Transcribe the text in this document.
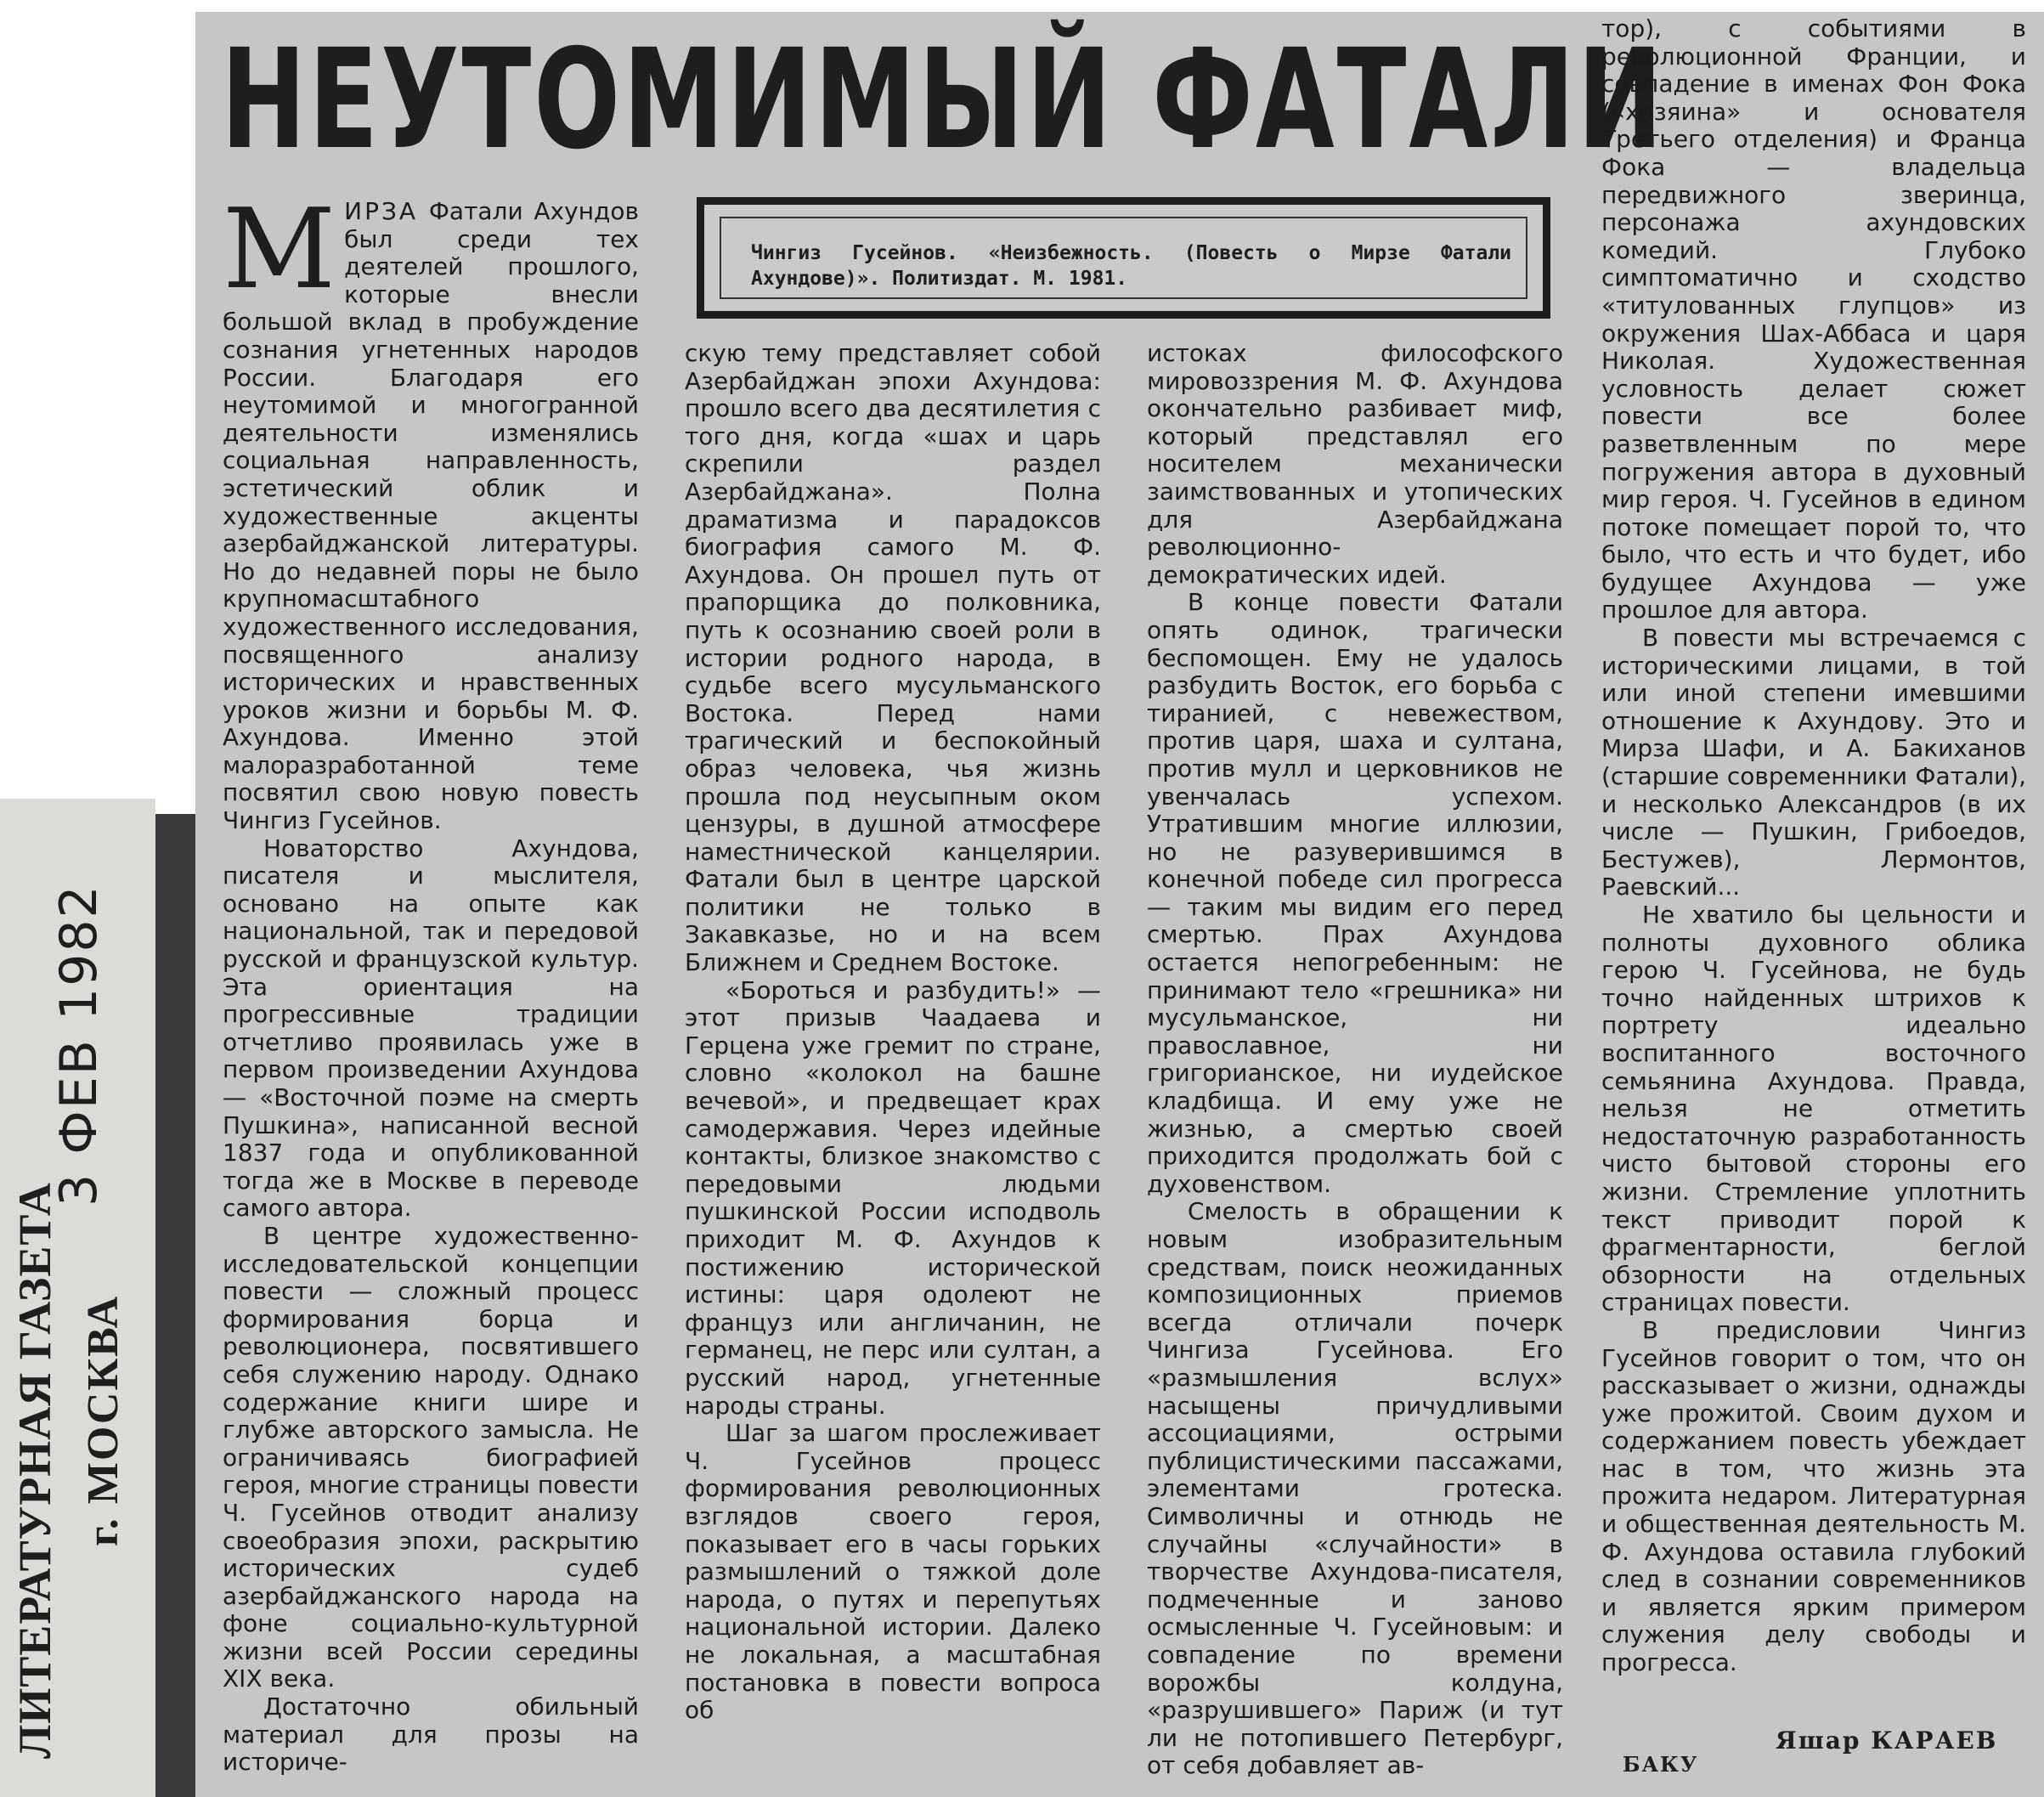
3 ФЕВ 1982
ЛИТЕРАТУРНАЯ ГАЗЕТА г. МОСКВА
НЕУТОМИМЫЙ ФАТАЛИ
Чингиз Гусейнов. «Неизбежность. (Повесть о Мирзе Фатали Ахундове)». Политиздат. М. 1981.

МИРЗА Фатали Ахундов был среди тех деятелей прошлого, которые внесли большой вклад в пробуждение сознания угнетенных народов России. Благодаря его неутомимой и многогранной деятельности изменялись социальная направленность, эстетический облик и художественные акценты азербайджанской литературы. Но до недавней поры не было крупномасштабного художественного исследования, посвященного анализу исторических и нравственных уроков жизни и борьбы М. Ф. Ахундова. Именно этой малоразработанной теме посвятил свою новую повесть Чингиз Гусейнов.

Новаторство Ахундова, писателя и мыслителя, основано на опыте как национальной, так и передовой русской и французской культур. Эта ориентация на прогрессивные традиции отчетливо проявилась уже в первом произведении Ахундова — «Восточной поэме на смерть Пушкина», написанной весной 1837 года и опубликованной тогда же в Москве в переводе самого автора.

В центре художественно-исследовательской концепции повести — сложный процесс формирования борца и революционера, посвятившего себя служению народу. Однако содержание книги шире и глубже авторского замысла. Не ограничиваясь биографией героя, многие страницы повести Ч. Гусейнов отводит анализу своеобразия эпохи, раскрытию исторических судеб азербайджанского народа на фоне социально-культурной жизни всей России середины XIX века.

Достаточно обильный материал для прозы на историче-

скую тему представляет собой Азербайджан эпохи Ахундова: прошло всего два десятилетия с того дня, когда «шах и царь скрепили раздел Азербайджана». Полна драматизма и парадоксов биография самого М. Ф. Ахундова. Он прошел путь от прапорщика до полковника, путь к осознанию своей роли в истории родного народа, в судьбе всего мусульманского Востока. Перед нами трагический и беспокойный образ человека, чья жизнь прошла под неусыпным оком цензуры, в душной атмосфере наместнической канцелярии. Фатали был в центре царской политики не только в Закавказье, но и на всем Ближнем и Среднем Востоке.

«Бороться и разбудить!» — этот призыв Чаадаева и Герцена уже гремит по стране, словно «колокол на башне вечевой», и предвещает крах самодержавия. Через идейные контакты, близкое знакомство с передовыми людьми пушкинской России исподволь приходит М. Ф. Ахундов к постижению исторической истины: царя одолеют не француз или англичанин, не германец, не перс или султан, а русский народ, угнетенные народы страны.

Шаг за шагом прослеживает Ч. Гусейнов процесс формирования революционных взглядов своего героя, показывает его в часы горьких размышлений о тяжкой доле народа, о путях и перепутьях национальной истории. Далеко не локальная, а масштабная постановка в повести вопроса об

истоках философского мировоззрения М. Ф. Ахундова окончательно разбивает миф, который представлял его носителем механически заимствованных и утопических для Азербайджана революционно-демократических идей.

В конце повести Фатали опять одинок, трагически беспомощен. Ему не удалось разбудить Восток, его борьба с тиранией, с невежеством, против царя, шаха и султана, против мулл и церковников не увенчалась успехом. Утратившим многие иллюзии, но не разуверившимся в конечной победе сил прогресса — таким мы видим его перед смертью. Прах Ахундова остается непогребенным: не принимают тело «грешника» ни мусульманское, ни православное, ни григорианское, ни иудейское кладбища. И ему уже не жизнью, а смертью своей приходится продолжать бой с духовенством.

Смелость в обращении к новым изобразительным средствам, поиск неожиданных композиционных приемов всегда отличали почерк Чингиза Гусейнова. Его «размышления вслух» насыщены причудливыми ассоциациями, острыми публицистическими пассажами, элементами гротеска. Символичны и отнюдь не случайны «случайности» в творчестве Ахундова-писателя, подмеченные и заново осмысленные Ч. Гусейновым: и совпадение по времени ворожбы колдуна, «разрушившего» Париж (и тут ли не потопившего Петербург, от себя добавляет ав-

тор), с событиями в революционной Франции, и совпадение в именах Фон Фока («хозяина» и основателя Третьего отделения) и Франца Фока — владельца передвижного зверинца, персонажа ахундовских комедий. Глубоко симптоматично и сходство «титулованных глупцов» из окружения Шах-Аббаса и царя Николая. Художественная условность делает сюжет повести все более разветвленным по мере погружения автора в духовный мир героя. Ч. Гусейнов в едином потоке помещает порой то, что было, что есть и что будет, ибо будущее Ахундова — уже прошлое для автора.

В повести мы встречаемся с историческими лицами, в той или иной степени имевшими отношение к Ахундову. Это и Мирза Шафи, и А. Бакиханов (старшие современники Фатали), и несколько Александров (в их числе — Пушкин, Грибоедов, Бестужев), Лермонтов, Раевский...

Не хватило бы цельности и полноты духовного облика герою Ч. Гусейнова, не будь точно найденных штрихов к портрету идеально воспитанного восточного семьянина Ахундова. Правда, нельзя не отметить недостаточную разработанность чисто бытовой стороны его жизни. Стремление уплотнить текст приводит порой к фрагментарности, беглой обзорности на отдельных страницах повести.

В предисловии Чингиз Гусейнов говорит о том, что он рассказывает о жизни, однажды уже прожитой. Своим духом и содержанием повесть убеждает нас в том, что жизнь эта прожита недаром. Литературная и общественная деятельность М. Ф. Ахундова оставила глубокий след в сознании современников и является ярким примером служения делу свободы и прогресса.

Яшар КАРАЕВ
БАКУ
